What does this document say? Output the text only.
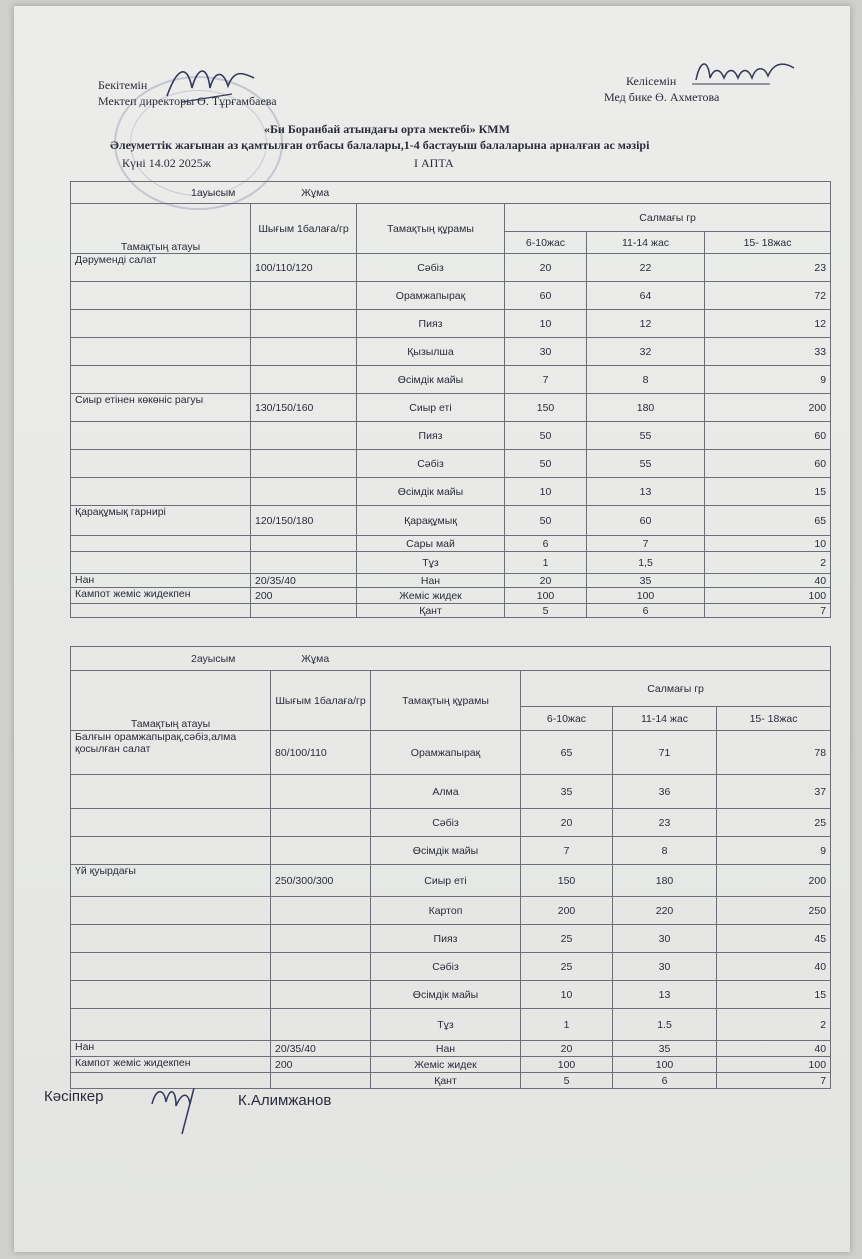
Бекітемін
Мектеп директоры Ө. Тұрғамбаева
Келісемін
Мед бике Ө. Ахметова
«Би Боранбай атындағы орта мектебі» КММ
Әлеуметтік жағынан аз қамтылған отбасы балалары,1-4 бастауыш балаларына арналған ас мәзірі
Күні 14.02 2025ж	І АПТА
1ауысым Жұма					
Тамақтың атауы	Шығым 1балаға/гр	Тамақтың құрамы	Салмағы гр		
			6-10жас	11-14 жас	15- 18жас
Дәруменді салат	100/110/120	Сәбіз	20	22	23
		Орамжапырақ	60	64	72
		Пияз	10	12	12
		Қызылша	30	32	33
		Өсімдік майы	7	8	9
Сиыр етінен көкөніс рагуы	130/150/160	Сиыр еті	150	180	200
		Пияз	50	55	60
		Сәбіз	50	55	60
		Өсімдік майы	10	13	15
Қарақұмық гарнирі	120/150/180	Қарақұмық	50	60	65
		Сары май	6	7	10
		Тұз	1	1,5	2
Нан	20/35/40	Нан	20	35	40
Кампот жеміс жидекпен	200	Жеміс жидек	100	100	100
		Қант	5	6	7
2ауысым Жұма					
Тамақтың атауы	Шығым 1балаға/гр	Тамақтың құрамы	Салмағы гр		
			6-10жас	11-14 жас	15- 18жас
Балғын орамжапырақ,сәбіз,алма қосылған салат	80/100/110	Орамжапырақ	65	71	78
		Алма	35	36	37
		Сәбіз	20	23	25
		Өсімдік майы	7	8	9
Үй қуырдағы	250/300/300	Сиыр еті	150	180	200
		Картоп	200	220	250
		Пияз	25	30	45
		Сәбіз	25	30	40
		Өсімдік майы	10	13	15
		Тұз	1	1.5	2
Нан	20/35/40	Нан	20	35	40
Кампот жеміс жидекпен	200	Жеміс жидек	100	100	100
		Қант	5	6	7
Кәсіпкер	К.Алимжанов
